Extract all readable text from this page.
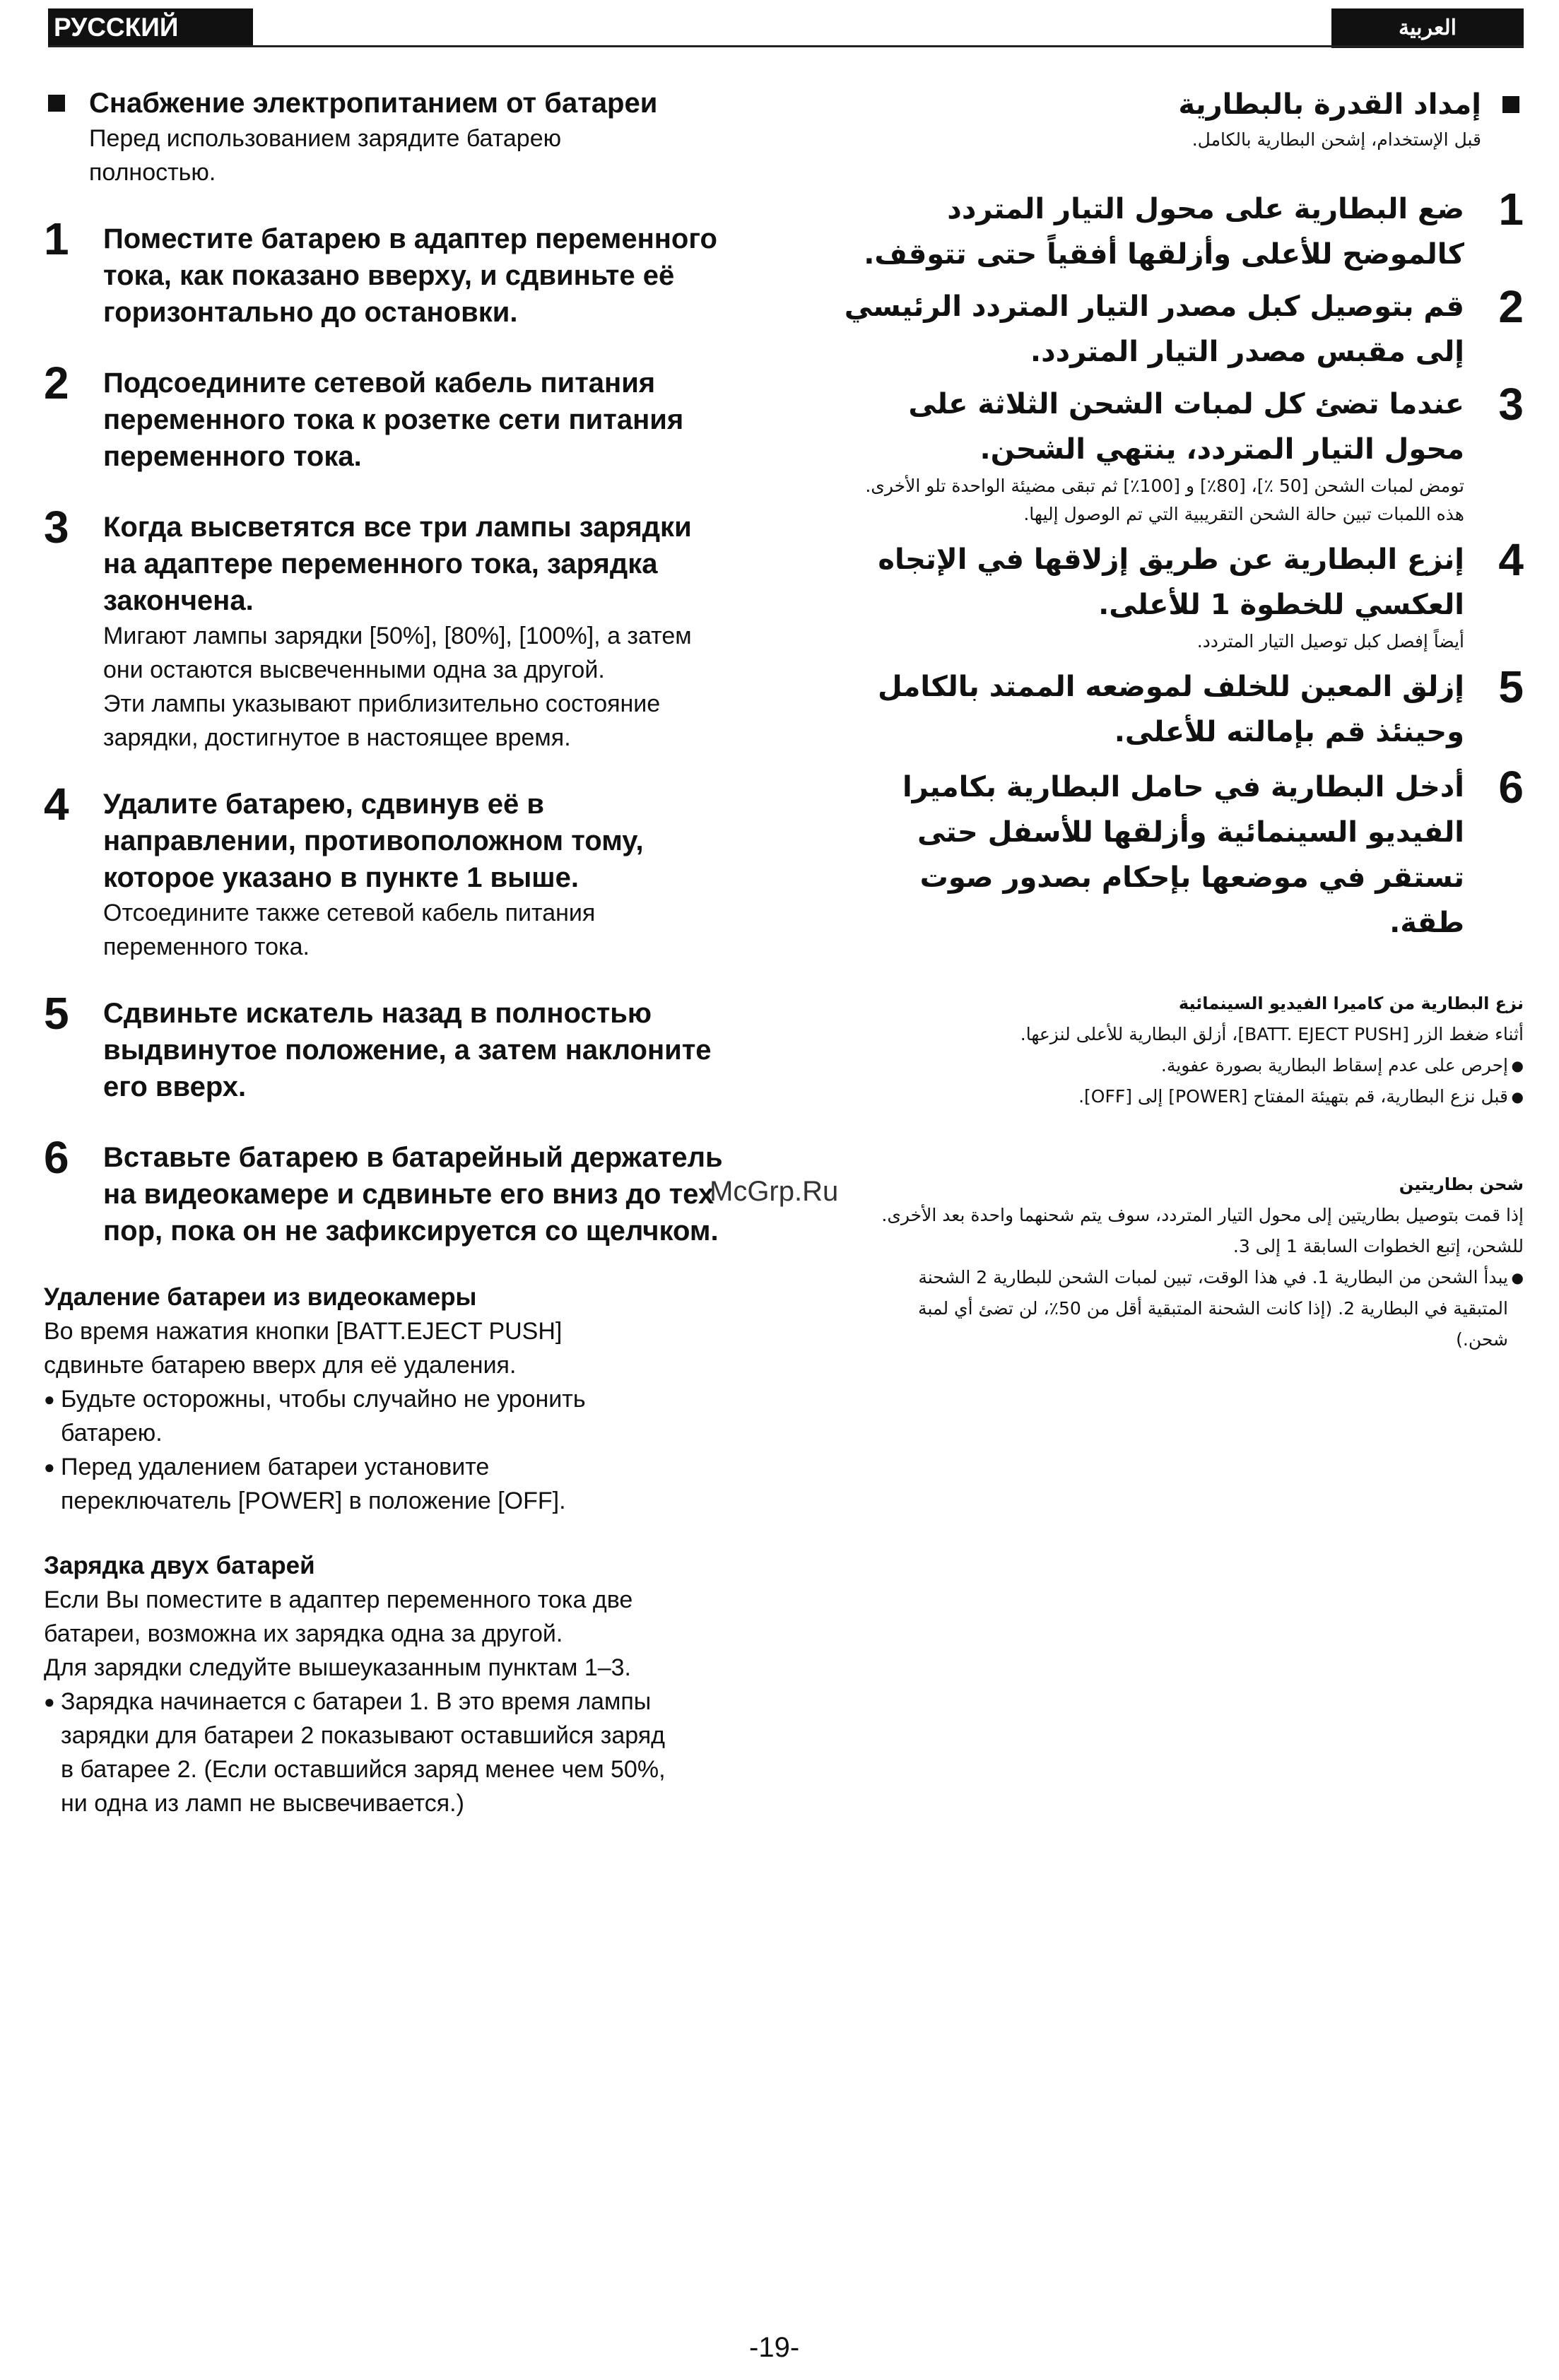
РУССКИЙ ЯЗЫК
العربية
Снабжение электропитанием от батареи
Перед использованием зарядите батарею полностью.
1 Поместите батарею в адаптер переменного тока, как показано вверху, и сдвиньте её горизонтально до остановки.
2 Подсоедините сетевой кабель питания переменного тока к розетке сети питания переменного тока.
3 Когда высветятся все три лампы зарядки на адаптере переменного тока, зарядка закончена.
Мигают лампы зарядки [50%], [80%], [100%], а затем они остаются высвеченными одна за другой.
Эти лампы указывают приблизительно состояние зарядки, достигнутое в настоящее время.
4 Удалите батарею, сдвинув её в направлении, противоположном тому, которое указано в пункте 1 выше.
Отсоедините также сетевой кабель питания переменного тока.
5 Сдвиньте искатель назад в полностью выдвинутое положение, а затем наклоните его вверх.
6 Вставьте батарею в батарейный держатель на видеокамере и сдвиньте его вниз до тех пор, пока он не зафиксируется со щелчком.
Удаление батареи из видеокамеры
Во время нажатия кнопки [BATT.EJECT PUSH] сдвиньте батарею вверх для её удаления.
● Будьте осторожны, чтобы случайно не уронить батарею.
● Перед удалением батареи установите переключатель [POWER] в положение [OFF].
Зарядка двух батарей
Если Вы поместите в адаптер переменного тока две батареи, возможна их зарядка одна за другой.
Для зарядки следуйте вышеуказанным пунктам 1–3.
● Зарядка начинается с батареи 1. В это время лампы зарядки для батареи 2 показывают оставшийся заряд в батарее 2. (Если оставшийся заряд менее чем 50%, ни одна из ламп не высвечивается.)
إمداد القدرة بالبطارية
قبل الإستخدام، إشحن البطارية بالكامل.
1
ضع البطارية على محول التيار المتردد كالموضح للأعلى وأزلقها أفقياً حتى تتوقف.
2
قم بتوصيل كبل مصدر التيار المتردد الرئيسي إلى مقبس مصدر التيار المتردد.
3
عندما تضئ كل لمبات الشحن الثلاثة على محول التيار المتردد، ينتهي الشحن.
تومض لمبات الشحن [50 ٪]، [80٪] و [100٪] ثم تبقى مضيئة الواحدة تلو الأخرى. هذه اللمبات تبين حالة الشحن التقريبية التي تم الوصول إليها.
4
إنزع البطارية عن طريق إزلاقها في الإتجاه العكسي للخطوة 1 للأعلى.
أيضاً إفصل كبل توصيل التيار المتردد.
5
إزلق المعين للخلف لموضعه الممتد بالكامل وحينئذ قم بإمالته للأعلى.
6
أدخل البطارية في حامل البطارية بكاميرا الفيديو السينمائية وأزلقها للأسفل حتى تستقر في موضعها بإحكام بصدور صوت طقة.
نزع البطارية من كاميرا الفيديو السينمائية
أثناء ضغط الزر [BATT. EJECT PUSH]، أزلق البطارية للأعلى لنزعها.
● إحرص على عدم إسقاط البطارية بصورة عفوية.
● قبل نزع البطارية، قم بتهيئة المفتاح [POWER] إلى [OFF].
شحن بطاريتين
إذا قمت بتوصيل بطاريتين إلى محول التيار المتردد، سوف يتم شحنهما واحدة بعد الأخرى.
للشحن، إتبع الخطوات السابقة 1 إلى 3.
● يبدأ الشحن من البطارية 1. في هذا الوقت، تبين لمبات الشحن للبطارية 2 الشحنة المتبقية في البطارية 2. (إذا كانت الشحنة المتبقية أقل من 50٪، لن تضئ أي لمبة شحن.)
McGrp.Ru
-19-
